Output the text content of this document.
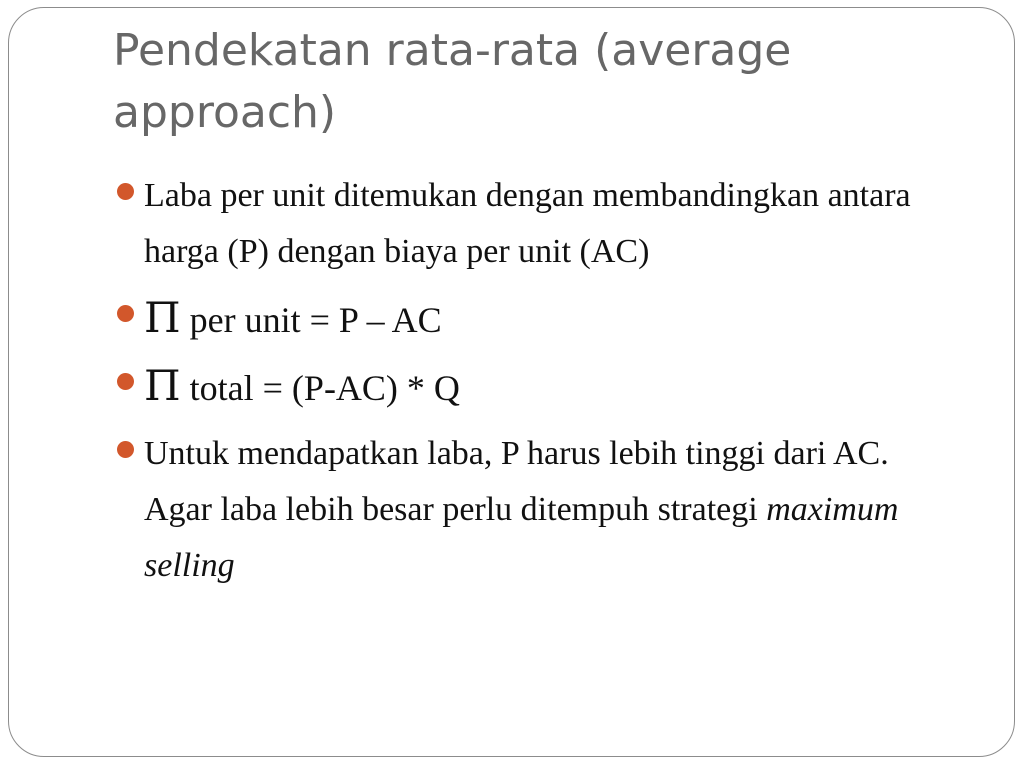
Pendekatan rata-rata (average approach)
Laba per unit ditemukan dengan membandingkan antara harga (P) dengan biaya per unit (AC)
Π per unit = P – AC
Π total = (P-AC) * Q
Untuk mendapatkan laba, P harus lebih tinggi dari AC. Agar laba lebih besar perlu ditempuh strategi maximum selling
